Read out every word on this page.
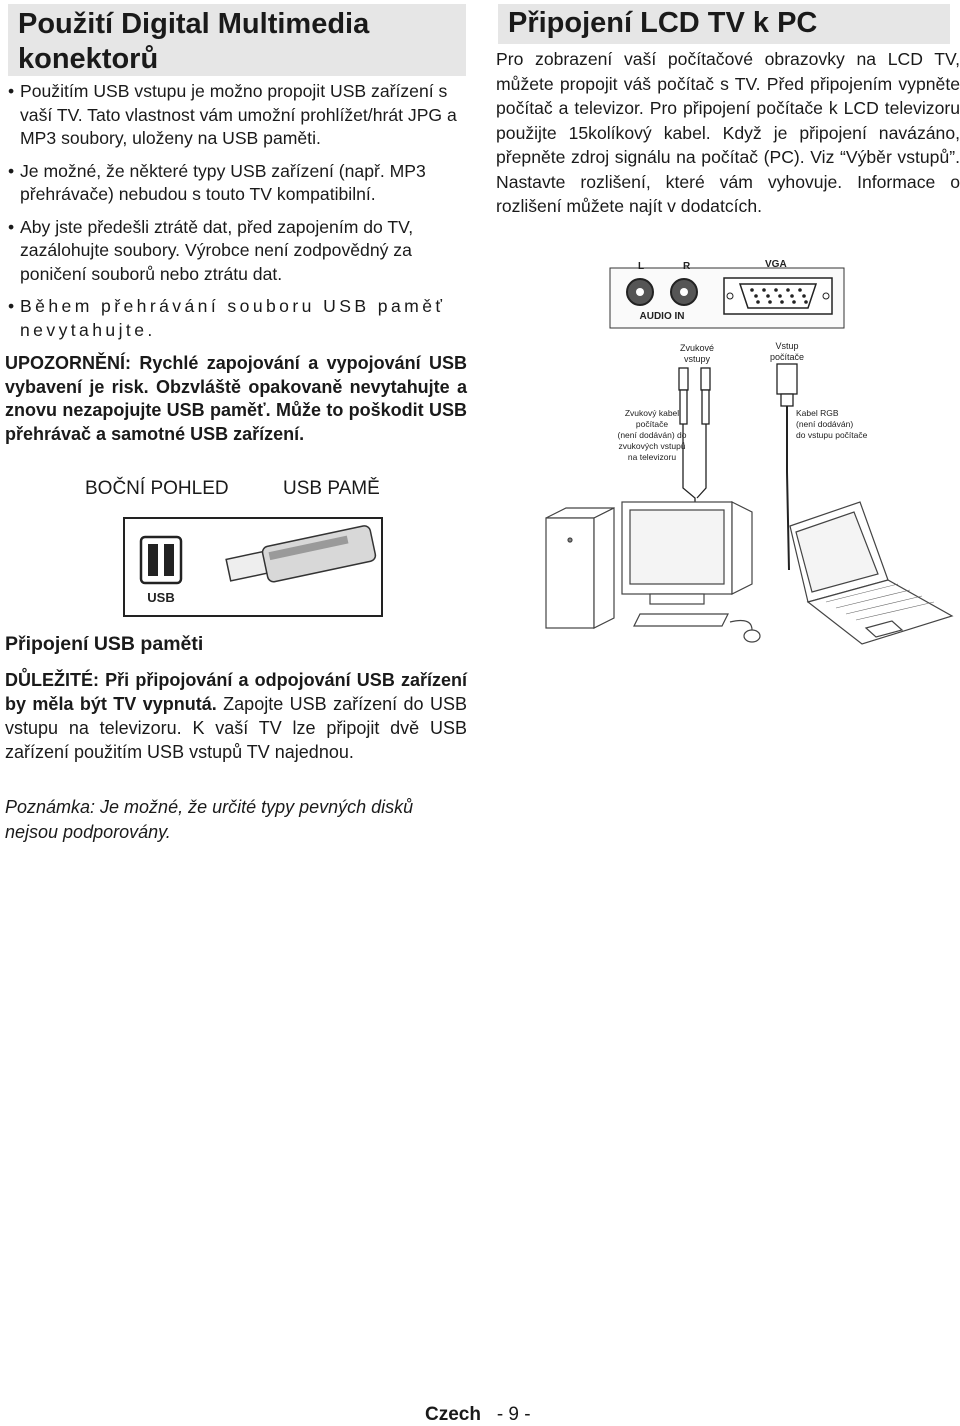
Použití Digital Multimedia konektorů
• Použitím USB vstupu je možno propojit USB zařízení s vaší TV. Tato vlastnost vám umožní prohlížet/hrát JPG a MP3 soubory, uloženy na USB paměti.
• Je možné, že některé typy USB zařízení (např. MP3 přehrávače) nebudou s touto TV kompatibilní.
• Aby jste předešli ztrátě dat, před zapojením do TV, zazálohujte soubory. Výrobce není zodpovědný za poničení souborů nebo ztrátu dat.
• Během přehrávání souboru USB paměť nevytahujte.
UPOZORNĚNÍ: Rychlé zapojování a vypojování USB vybavení je risk. Obzvláště opakovaně nevytahujte a znovu nezapojujte USB paměť. Může to poškodit USB přehrávač a samotné USB zařízení.
BOČNÍ POHLED	USB PAMĚ
USB
Připojení USB paměti
DŮLEŽITÉ: Při připojování a odpojování USB zařízení by měla být TV vypnutá. Zapojte USB zařízení do USB vstupu na televizoru. K vaší TV lze připojit dvě USB zařízení použitím USB vstupů TV najednou.
Poznámka: Je možné, že určité typy pevných disků nejsou podporovány.
Připojení LCD TV k PC
Pro zobrazení vaší počítačové obrazovky na LCD TV, můžete propojit váš počítač s TV. Před připojením vypněte počítač a televizor. Pro připojení počítače k LCD televizoru použijte 15kolíkový kabel. Když je připojení navázáno, přepněte zdroj signálu na počítač (PC). Viz “Výběr vstupů”. Nastavte rozlišení, které vám vyhovuje. Informace o rozlišení můžete najít v dodatcích.
L	R	VGA
AUDIO IN
Zvukové
vstupy
Vstup
počítače
Zvukový kabel
počítače
(není dodáván) do
zvukových vstupů
na televizoru
Kabel RGB
(není dodáván)
do vstupu počítače
Czech - 9 -
